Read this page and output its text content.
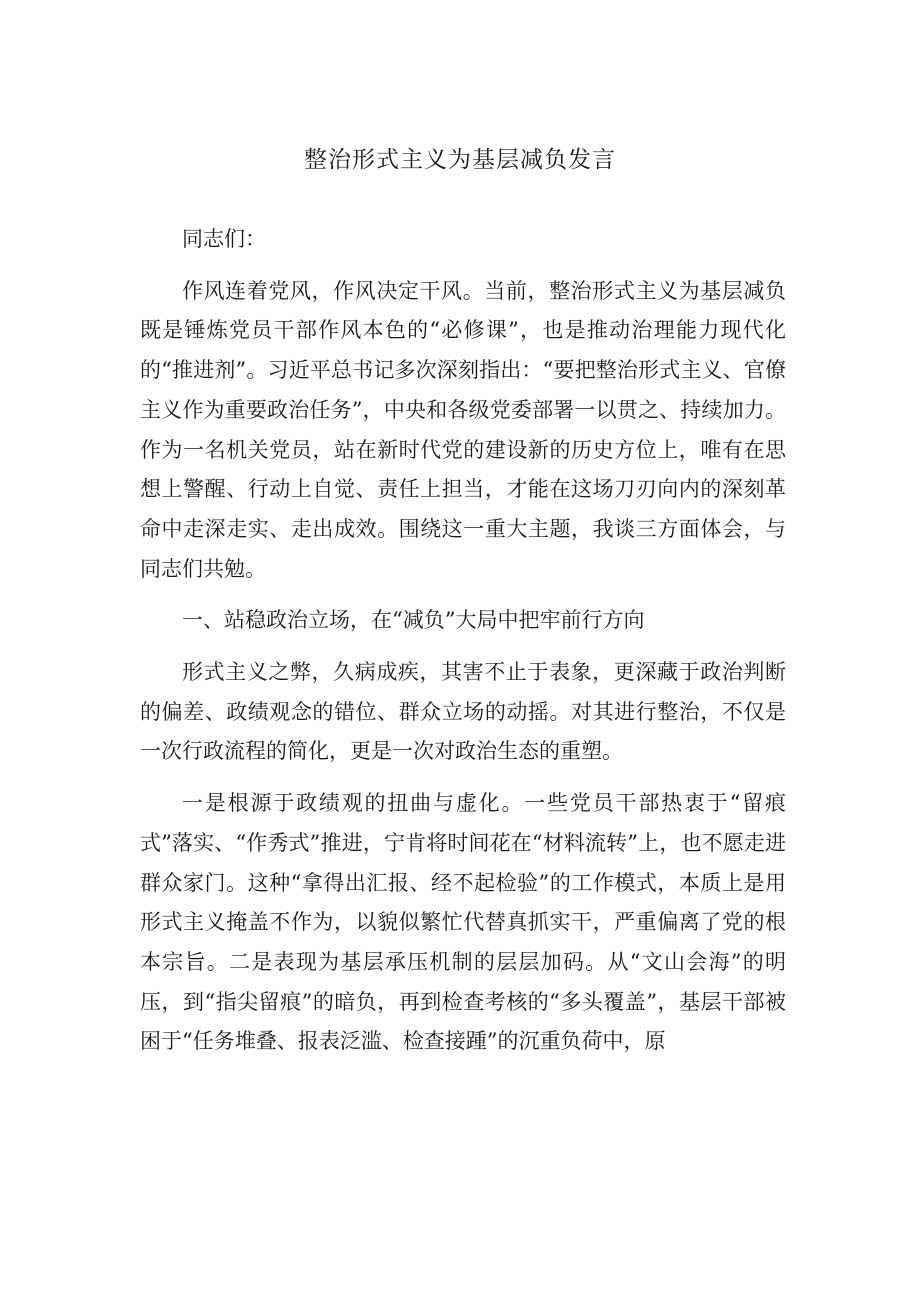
整治形式主义为基层减负发言

同志们：

作风连着党风，作风决定干风。当前，整治形式主义为基层减负既是锤炼党员干部作风本色的“必修课”，也是推动治理能力现代化的“推进剂”。习近平总书记多次深刻指出：“要把整治形式主义、官僚主义作为重要政治任务”，中央和各级党委部署一以贯之、持续加力。作为一名机关党员，站在新时代党的建设新的历史方位上，唯有在思想上警醒、行动上自觉、责任上担当，才能在这场刀刃向内的深刻革命中走深走实、走出成效。围绕这一重大主题，我谈三方面体会，与同志们共勉。

一、站稳政治立场，在“减负”大局中把牢前行方向

形式主义之弊，久病成疾，其害不止于表象，更深藏于政治判断的偏差、政绩观念的错位、群众立场的动摇。对其进行整治，不仅是一次行政流程的简化，更是一次对政治生态的重塑。

一是根源于政绩观的扭曲与虚化。一些党员干部热衷于“留痕式”落实、“作秀式”推进，宁肯将时间花在“材料流转”上，也不愿走进群众家门。这种“拿得出汇报、经不起检验”的工作模式，本质上是用形式主义掩盖不作为，以貌似繁忙代替真抓实干，严重偏离了党的根本宗旨。二是表现为基层承压机制的层层加码。从“文山会海”的明压，到“指尖留痕”的暗负，再到检查考核的“多头覆盖”，基层干部被困于“任务堆叠、报表泛滥、检查接踵”的沉重负荷中，原
